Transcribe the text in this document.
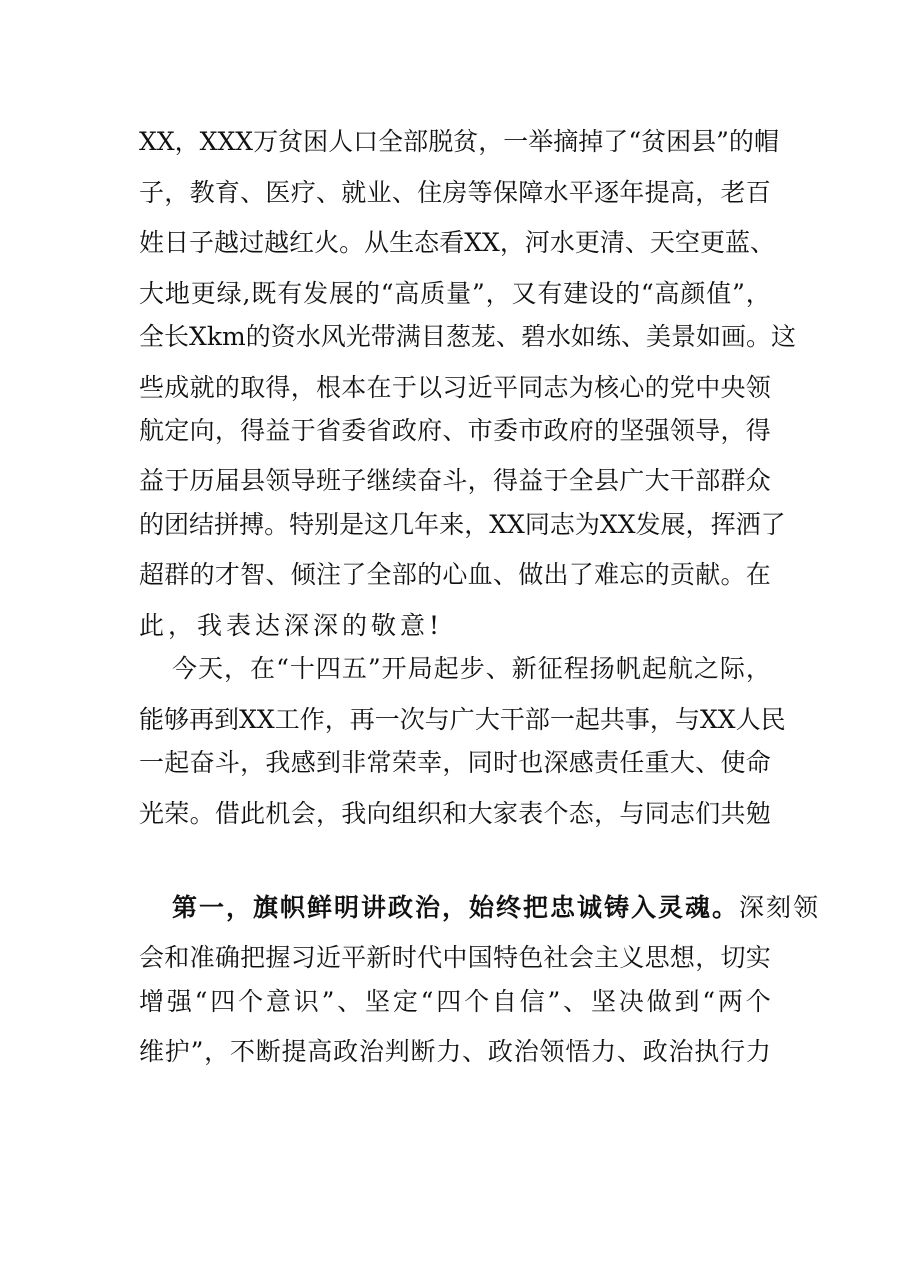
X X ， X X X 万 贫 困 人 口 全 部 脱 贫 ， 一 举 摘 掉 了 “ 贫 困 县 ” 的 帽
子 ， 教 育 、 医 疗 、 就 业 、 住 房 等 保 障 水 平 逐 年 提 高 ， 老 百
姓 日 子 越 过 越 红 火 。 从 生 态 看 X X ， 河 水 更 清 、 天 空 更 蓝 、
大 地 更 绿 , 既 有 发 展 的 “ 高 质 量 ” ， 又 有 建 设 的 “ 高 颜 值 ” ，
全 长 X k m 的 资 水 风 光 带 满 目 葱 茏 、 碧 水 如 练 、 美 景 如 画 。 这
些 成 就 的 取 得 ， 根 本 在 于 以 习 近 平 同 志 为 核 心 的 党 中 央 领
航 定 向 ， 得 益 于 省 委 省 政 府 、 市 委 市 政 府 的 坚 强 领 导 ， 得
益 于 历 届 县 领 导 班 子 继 续 奋 斗 ， 得 益 于 全 县 广 大 干 部 群 众
的 团 结 拼 搏 。 特 别 是 这 几 年 来 ， X X 同 志 为 X X 发 展 ， 挥 洒 了
超 群 的 才 智 、 倾 注 了 全 部 的 心 血 、 做 出 了 难 忘 的 贡 献 。 在
此，我表达深深的敬意!
今 天 ， 在 “ 十 四 五 ” 开 局 起 步 、 新 征 程 扬 帆 起 航 之 际 ，
能 够 再 到 X X 工 作 ， 再 一 次 与 广 大 干 部 一 起 共 事 ， 与 X X 人 民
一 起 奋 斗 ， 我 感 到 非 常 荣 幸 ， 同 时 也 深 感 责 任 重 大 、 使 命
光 荣 。 借 此 机 会 ， 我 向 组 织 和 大 家 表 个 态 ， 与 同 志 们 共 勉
第一，旗帜鲜明讲政治，始终把忠诚铸入灵魂。 深刻领
会 和 准 确 把 握 习 近 平 新 时 代 中 国 特 色 社 会 主 义 思 想 ， 切 实
增 强 “ 四 个 意 识 ” 、 坚 定 “ 四 个 自 信 ” 、 坚 决 做 到 “ 两 个
维 护 ” ， 不 断 提 高 政 治 判 断 力 、 政 治 领 悟 力 、 政 治 执 行 力
